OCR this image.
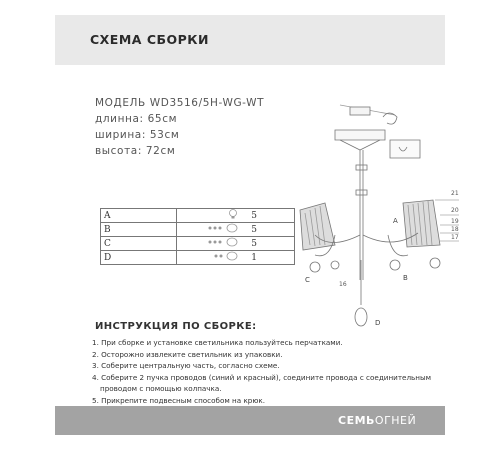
СХЕМА СБОРКИ
МОДЕЛЬ WD3516/5H-WG-WT
длинна: 65см
ширина: 53см
высота: 72см
A		5
B		5
C		5
D		1
21
20
19
18
17
16
A
C	B
D
ИНСТРУКЦИЯ ПО СБОРКЕ:
1. При сборке и установке светильника пользуйтесь перчатками.
2. Осторожно извлеките светильник из упаковки.
3. Соберите центральную часть, согласно схеме.
4. Соберите 2 пучка проводов (синий и красный), соедините провода с соединительным
проводом с помощью колпачка.
5. Прикрепите подвесным способом на крюк.
СЕМЬОГНЕЙ
